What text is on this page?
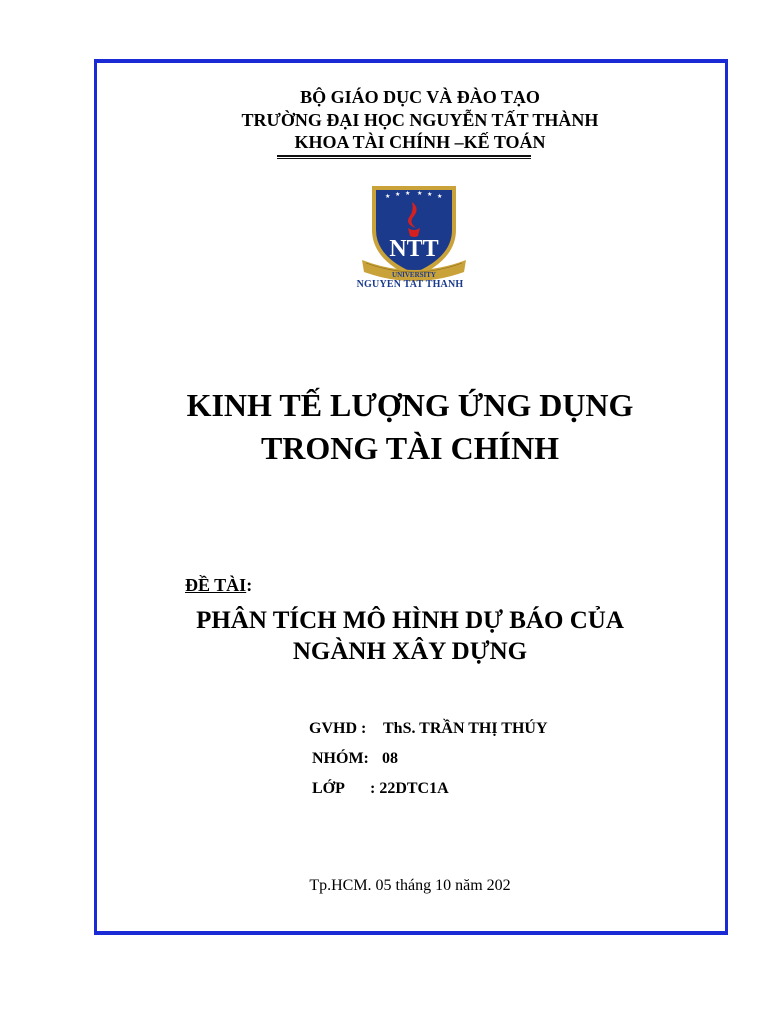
BỘ GIÁO DỤC VÀ ĐÀO TẠO
TRƯỜNG ĐẠI HỌC NGUYỄN TẤT THÀNH
KHOA TÀI CHÍNH –KẾ TOÁN
★ ★ ★ ★ ★ ★
NTT
UNIVERSITY
NGUYEN TAT THANH
KINH TẾ LƯỢNG ỨNG DỤNG
TRONG TÀI CHÍNH
ĐỀ TÀI:
PHÂN TÍCH MÔ HÌNH DỰ BÁO CỦA
NGÀNH XÂY DỰNG
GVHD : ThS. TRẦN THỊ THÚY
NHÓM: 08
LỚP : 22DTC1A
Tp.HCM. 05 tháng 10 năm 202
